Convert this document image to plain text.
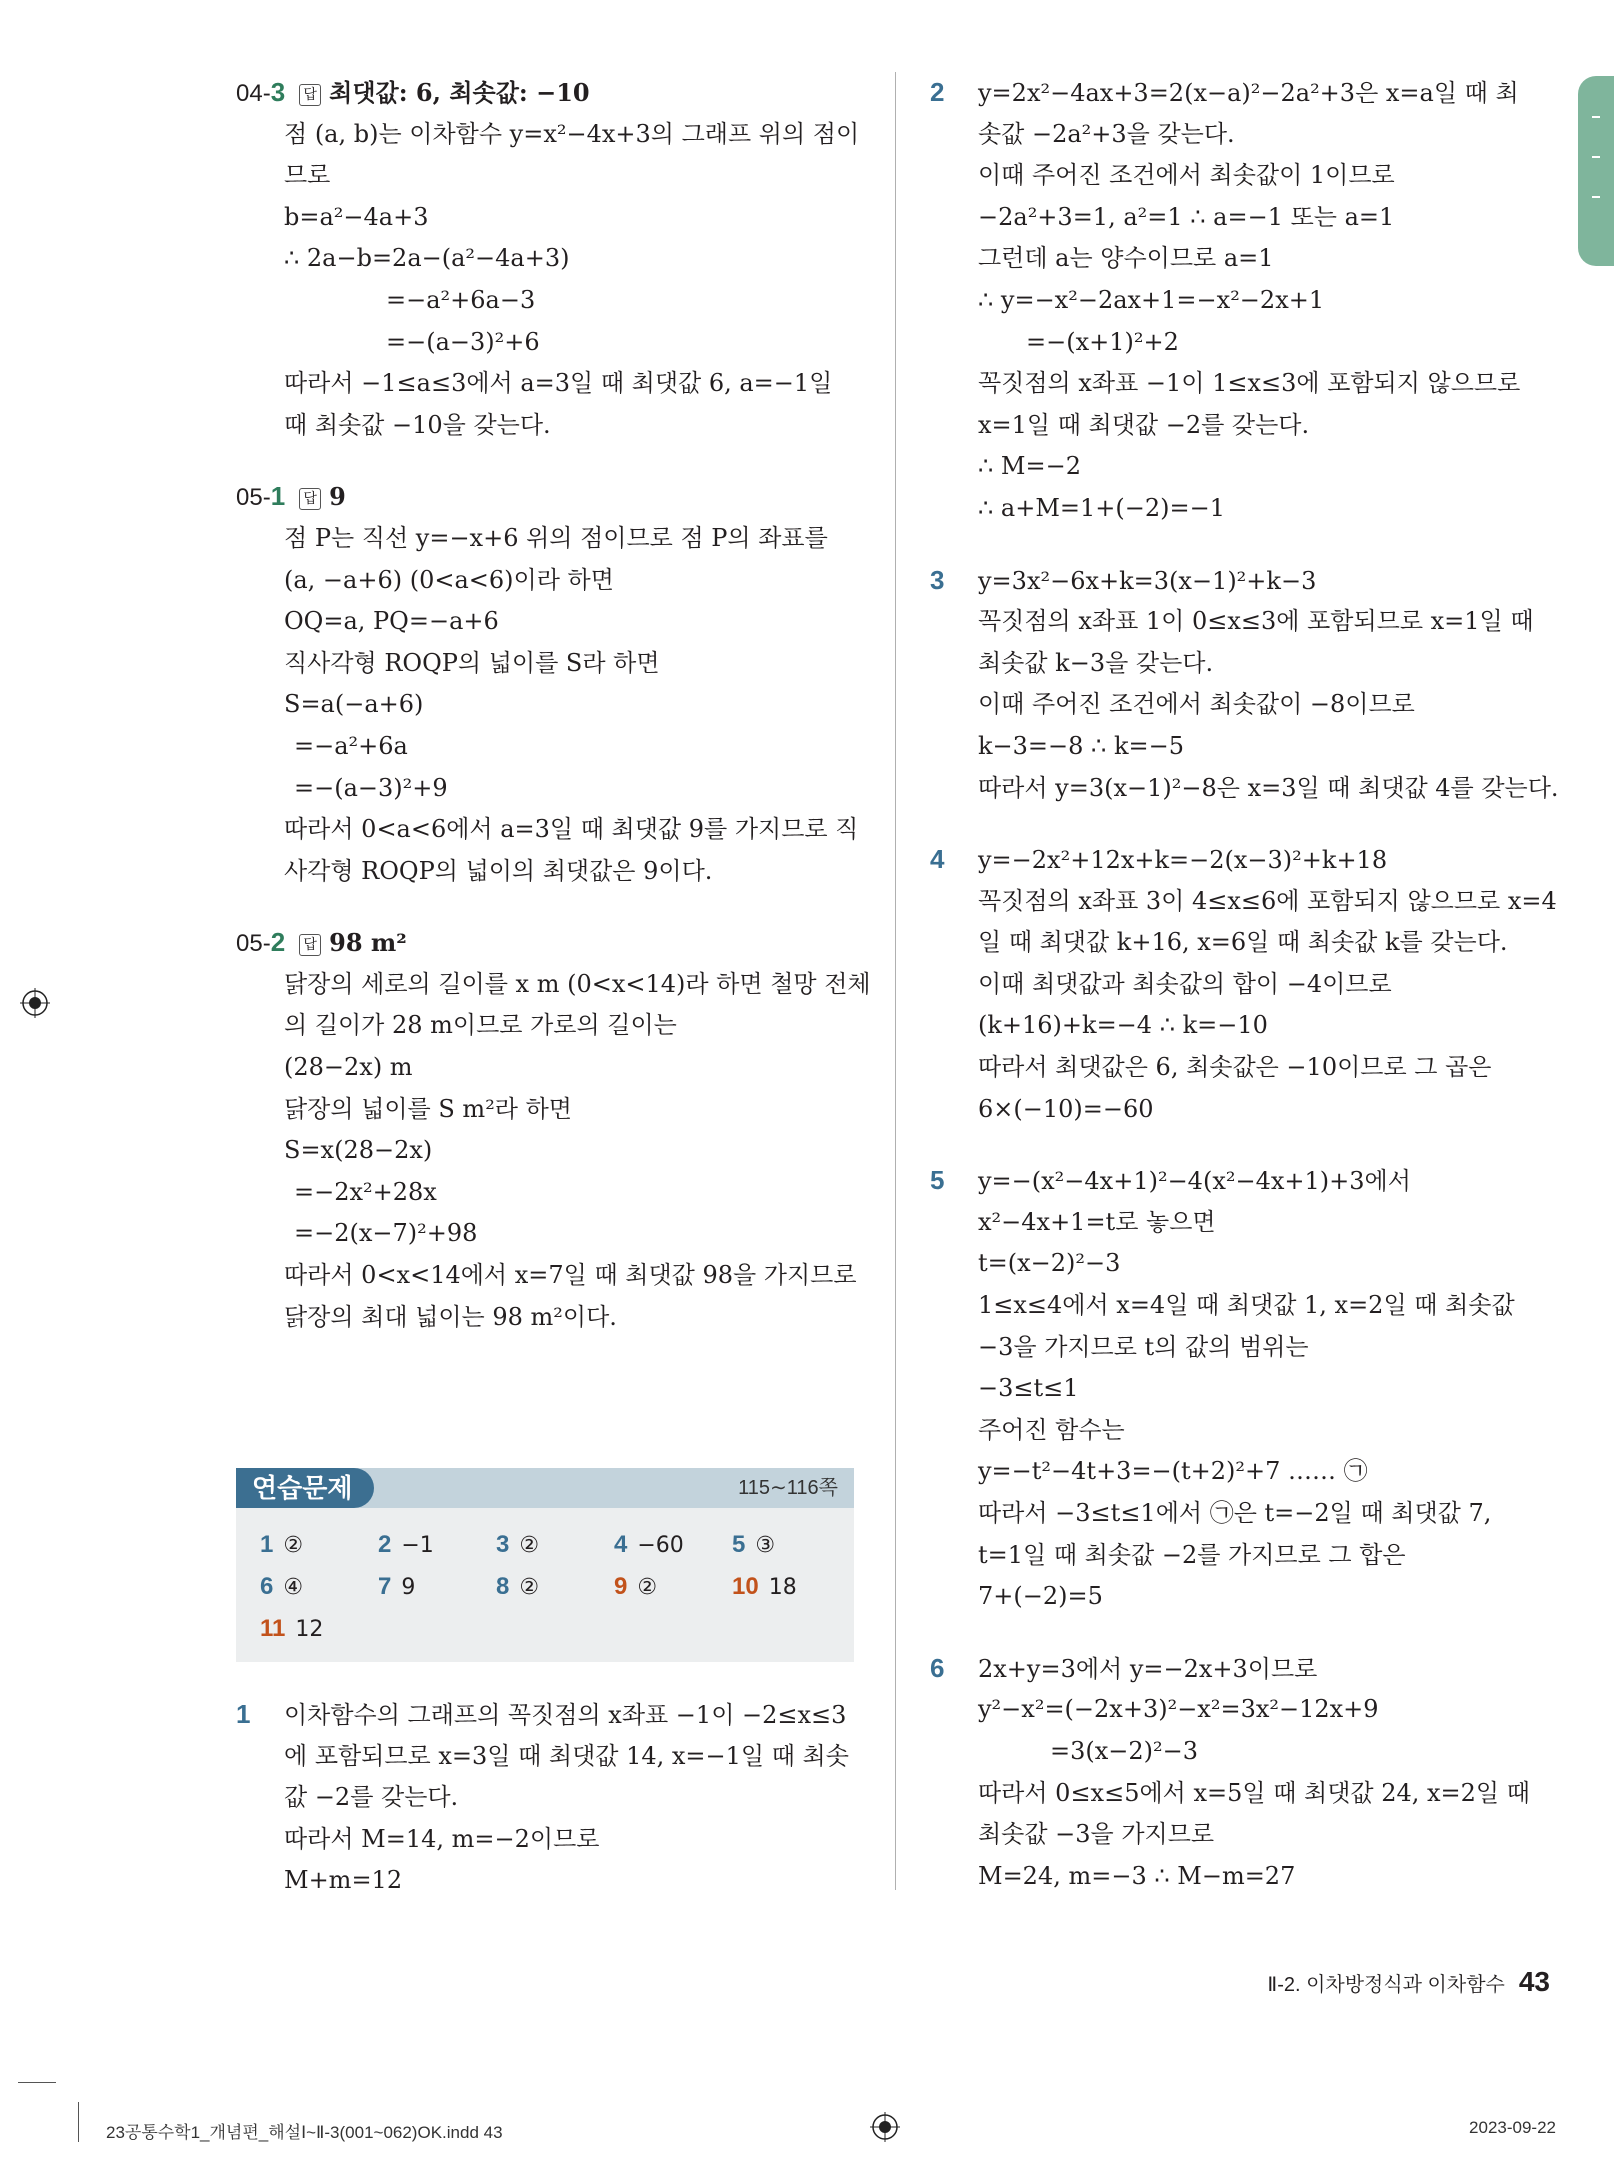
04-3 답 최댓값: 6, 최솟값: −10
점 (a, b)는 이차함수 y=x²−4x+3의 그래프 위의 점이
므로
b=a²−4a+3
∴ 2a−b=2a−(a²−4a+3)
=−a²+6a−3
=−(a−3)²+6
따라서 −1≤a≤3에서 a=3일 때 최댓값 6, a=−1일
때 최솟값 −10을 갖는다.
05-1 답 9
점 P는 직선 y=−x+6 위의 점이므로 점 P의 좌표를
(a, −a+6) (0<a<6)이라 하면
OQ=a, PQ=−a+6
직사각형 ROQP의 넓이를 S라 하면
S=a(−a+6)
=−a²+6a
=−(a−3)²+9
따라서 0<a<6에서 a=3일 때 최댓값 9를 가지므로 직
사각형 ROQP의 넓이의 최댓값은 9이다.
05-2 답 98 m²
닭장의 세로의 길이를 x m (0<x<14)라 하면 철망 전체
의 길이가 28 m이므로 가로의 길이는
(28−2x) m
닭장의 넓이를 S m²라 하면
S=x(28−2x)
=−2x²+28x
=−2(x−7)²+98
따라서 0<x<14에서 x=7일 때 최댓값 98을 가지므로
닭장의 최대 넓이는 98 m²이다.
연습문제	115∼116쪽
1 ②	2 −1	3 ②	4 −60 5 ③
6 ④	7 9	8 ②	9 ②	10 18
11 12
1 이차함수의 그래프의 꼭짓점의 x좌표 −1이 −2≤x≤3
에 포함되므로 x=3일 때 최댓값 14, x=−1일 때 최솟
값 −2를 갖는다.
따라서 M=14, m=−2이므로
M+m=12
2 y=2x²−4ax+3=2(x−a)²−2a²+3은 x=a일 때 최
솟값 −2a²+3을 갖는다.
이때 주어진 조건에서 최솟값이 1이므로
−2a²+3=1, a²=1 ∴ a=−1 또는 a=1
그런데 a는 양수이므로 a=1
∴ y=−x²−2ax+1=−x²−2x+1
=−(x+1)²+2
꼭짓점의 x좌표 −1이 1≤x≤3에 포함되지 않으므로
x=1일 때 최댓값 −2를 갖는다.
∴ M=−2
∴ a+M=1+(−2)=−1
3 y=3x²−6x+k=3(x−1)²+k−3
꼭짓점의 x좌표 1이 0≤x≤3에 포함되므로 x=1일 때
최솟값 k−3을 갖는다.
이때 주어진 조건에서 최솟값이 −8이므로
k−3=−8 ∴ k=−5
따라서 y=3(x−1)²−8은 x=3일 때 최댓값 4를 갖는다.
4 y=−2x²+12x+k=−2(x−3)²+k+18
꼭짓점의 x좌표 3이 4≤x≤6에 포함되지 않으므로 x=4
일 때 최댓값 k+16, x=6일 때 최솟값 k를 갖는다.
이때 최댓값과 최솟값의 합이 −4이므로
(k+16)+k=−4 ∴ k=−10
따라서 최댓값은 6, 최솟값은 −10이므로 그 곱은
6×(−10)=−60
5 y=−(x²−4x+1)²−4(x²−4x+1)+3에서
x²−4x+1=t로 놓으면
t=(x−2)²−3
1≤x≤4에서 x=4일 때 최댓값 1, x=2일 때 최솟값
−3을 가지므로 t의 값의 범위는
−3≤t≤1
주어진 함수는
y=−t²−4t+3=−(t+2)²+7 …… ㉠
따라서 −3≤t≤1에서 ㉠은 t=−2일 때 최댓값 7,
t=1일 때 최솟값 −2를 가지므로 그 합은
7+(−2)=5
6 2x+y=3에서 y=−2x+3이므로
y²−x²=(−2x+3)²−x²=3x²−12x+9
=3(x−2)²−3
따라서 0≤x≤5에서 x=5일 때 최댓값 24, x=2일 때
최솟값 −3을 가지므로
M=24, m=−3 ∴ M−m=27
Ⅱ-2. 이차방정식과 이차함수 43
23공통수학1_개념편_해설Ⅰ~Ⅱ-3(001~062)OK.indd 43	2023-09-22
